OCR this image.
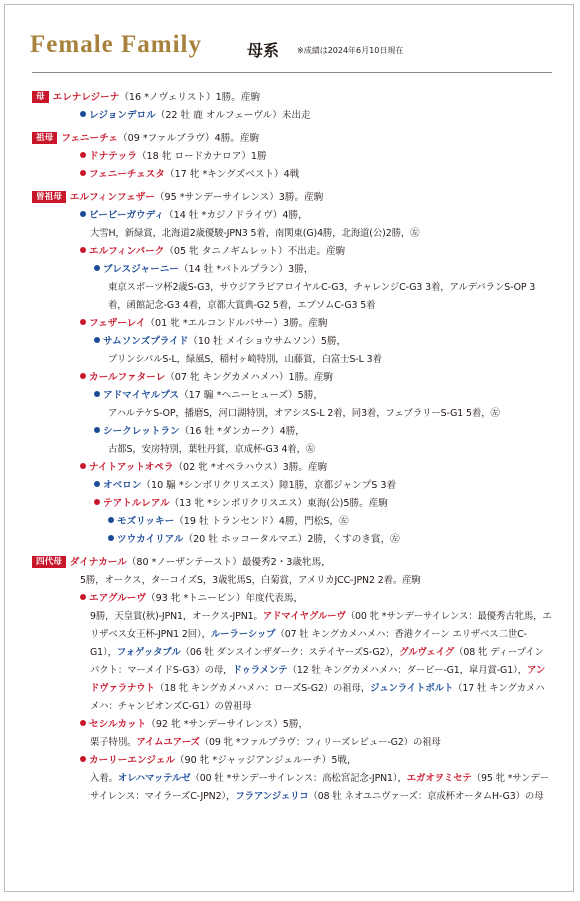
Female Family	母系 ※成績は2024年6月10日現在
母 エレナレジーナ（16 *ノヴェリスト）1勝。産駒
レジョンデロル（22 牡 鹿 オルフェーヴル）未出走
祖母 フェニーチェ（09 *ファルブラヴ）4勝。産駒
ドナテッラ（18 牝 ロードカナロア）1勝
フェニーチェスタ（17 牝 *キングズベスト）4戦
曽祖母 エルフィンフェザー（95 *サンデーサイレンス）3勝。産駒
ビービーガウディ（14 牡 *カジノドライヴ）4勝，
大雪H，新緑賞，北海道2歳優駿-JPN3 5着，南関東(G)4勝，北海道(公)2勝，㊧
エルフィンパーク（05 牝 タニノギムレット）不出走。産駒
ブレスジャーニー（14 牡 *バトルプラン）3勝，
東京スポーツ杯2歳S-G3，サウジアラビアロイヤルC-G3，チャレンジC-G3 3着，アルデバランS-OP 3着，函館記念-G3 4着，京都大賞典-G2 5着，エプソムC-G3 5着
フェザーレイ（01 牝 *エルコンドルパサー）3勝。産駒
サムソンズプライド（10 牡 メイショウサムソン）5勝，
プリンシパルS-L，緑風S，稲村ヶ崎特別，山藤賞，白富士S-L 3着
カールファターレ（07 牝 キングカメハメハ）1勝。産駒
アドマイヤルプス（17 騸 *ヘニーヒューズ）5勝，
アハルテケS-OP，播磨S，河口湖特別，オアシスS-L 2着，同3着，フェブラリーS-G1 5着，㊧
シークレットラン（16 牡 *ダンカーク）4勝，
古都S，安房特別，葉牡丹賞，京成杯-G3 4着，㊧
ナイトアットオペラ（02 牝 *オペラハウス）3勝。産駒
オベロン（10 騸 *シンボリクリスエス）障1勝，京都ジャンプS 3着
テアトルレアル（13 牝 *シンボリクリスエス）東海(公)5勝。産駒
モズリッキー（19 牡 トランセンド）4勝，門松S，㊧
ツウカイリアル（20 牡 ホッコータルマエ）2勝，くすのき賞，㊧
四代母 ダイナカール（80 *ノーザンテースト）最優秀2・3歳牝馬，
5勝，オークス，ターコイズS，3歳牝馬S，白菊賞，アメリカJCC-JPN2 2着。産駒
エアグルーヴ（93 牝 *トニービン）年度代表馬，
9勝，天皇賞(秋)-JPN1，オークス-JPN1。アドマイヤグルーヴ（00 牝 *サンデーサイレンス：最優秀古牝馬，エリザベス女王杯-JPN1 2回），ルーラーシップ（07 牡 キングカメハメハ：香港クイーン エリザベス二世C-G1），フォゲッタブル（06 牡 ダンスインザダーク：ステイヤーズS-G2），グルヴェイグ（08 牝 ディープインパクト：マーメイドS-G3）の母，ドゥラメンテ（12 牡 キングカメハメハ：ダービー-G1，皐月賞-G1），アンドヴァラナウト（18 牝 キングカメハメハ：ローズS-G2）の祖母，ジュンライトボルト（17 牡 キングカメハメハ：チャンピオンズC-G1）の曽祖母
セシルカット（92 牝 *サンデーサイレンス）5勝，
栗子特別。アイムユアーズ（09 牝 *ファルブラヴ：フィリーズレビュー-G2）の祖母
カーリーエンジェル（90 牝 *ジャッジアンジェルーチ）5戦，
入着。オレハマッテルゼ（00 牡 *サンデーサイレンス：高松宮記念-JPN1），エガオヲミセテ（95 牝 *サンデーサイレンス：マイラーズC-JPN2），フラアンジェリコ（08 牡 ネオユニヴァーズ：京成杯オータムH-G3）の母
